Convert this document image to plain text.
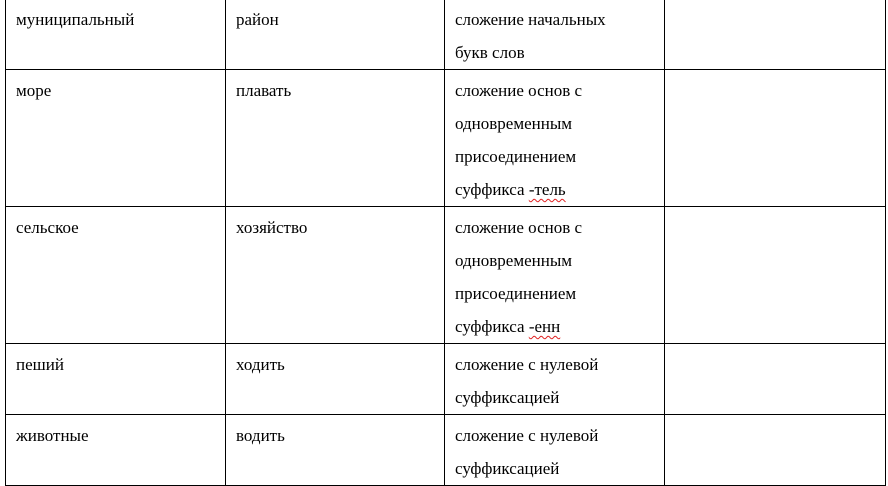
муниципальный	район	сложение начальных
букв слов	

море	плавать	сложение основ с
одновременным
присоединением
суффикса -тель	

сельское	хозяйство	сложение основ с
одновременным
присоединением
суффикса -енн	

пеший	ходить	сложение с нулевой
суффиксацией	

животные	водить	сложение с нулевой
суффиксацией	
